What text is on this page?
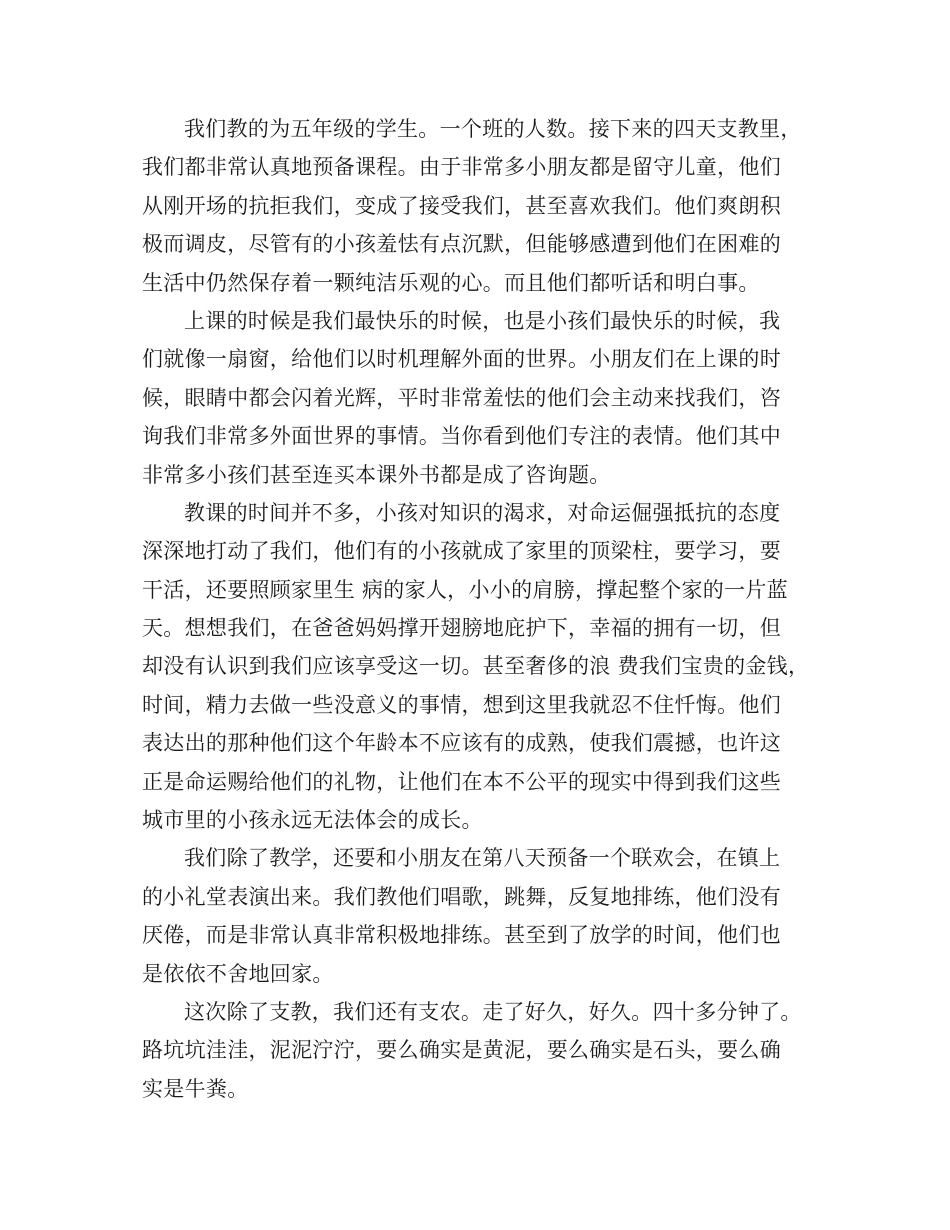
我们教的为五年级的学生。一个班的人数。接下来的四天支教里，
我们都非常认真地预备课程。由于非常多小朋友都是留守儿童，他们
从刚开场的抗拒我们，变成了接受我们，甚至喜欢我们。他们爽朗积
极而调皮，尽管有的小孩羞怯有点沉默，但能够感遭到他们在困难的
生活中仍然保存着一颗纯洁乐观的心。而且他们都听话和明白事。
上课的时候是我们最快乐的时候，也是小孩们最快乐的时候，我
们就像一扇窗，给他们以时机理解外面的世界。小朋友们在上课的时
候，眼睛中都会闪着光辉，平时非常羞怯的他们会主动来找我们，咨
询我们非常多外面世界的事情。当你看到他们专注的表情。他们其中
非常多小孩们甚至连买本课外书都是成了咨询题。
教课的时间并不多，小孩对知识的渴求，对命运倔强抵抗的态度
深深地打动了我们，他们有的小孩就成了家里的顶梁柱，要学习，要
干活，还要照顾家里生 病的家人，小小的肩膀，撑起整个家的一片蓝
天。想想我们，在爸爸妈妈撑开翅膀地庇护下，幸福的拥有一切，但
却没有认识到我们应该享受这一切。甚至奢侈的浪 费我们宝贵的金钱，
时间，精力去做一些没意义的事情，想到这里我就忍不住忏悔。他们
表达出的那种他们这个年龄本不应该有的成熟，使我们震撼，也许这
正是命运赐给他们的礼物，让他们在本不公平的现实中得到我们这些
城市里的小孩永远无法体会的成长。
我们除了教学，还要和小朋友在第八天预备一个联欢会，在镇上
的小礼堂表演出来。我们教他们唱歌，跳舞，反复地排练，他们没有
厌倦，而是非常认真非常积极地排练。甚至到了放学的时间，他们也
是依依不舍地回家。
这次除了支教，我们还有支农。走了好久，好久。四十多分钟了。
路坑坑洼洼，泥泥泞泞，要么确实是黄泥，要么确实是石头，要么确
实是牛粪。
